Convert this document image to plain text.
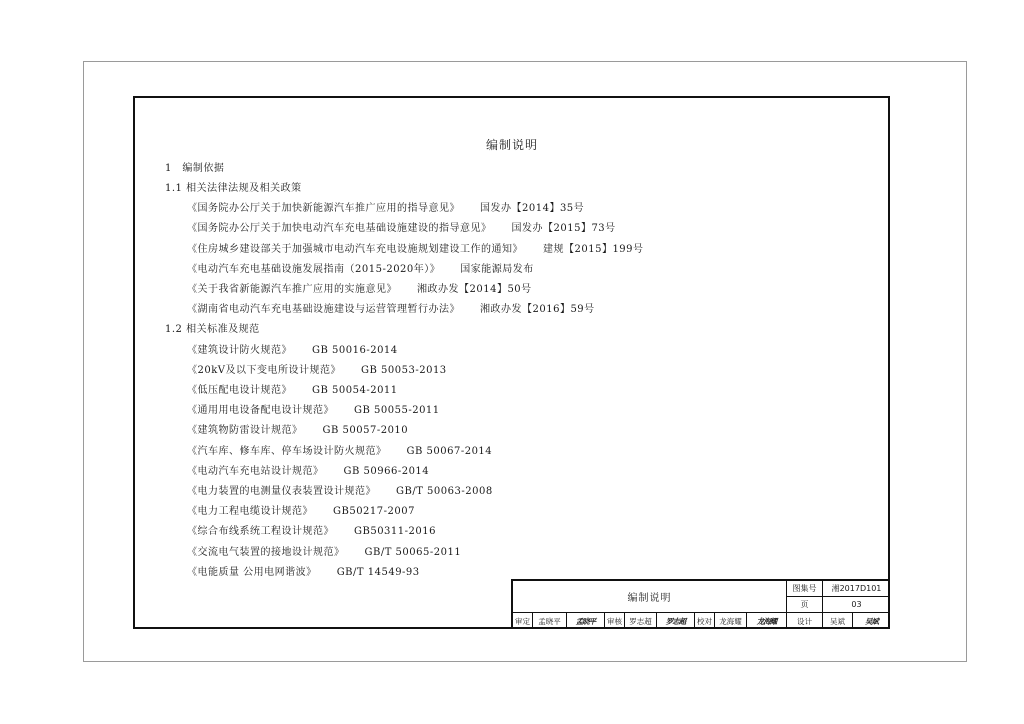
编制说明
1　编制依据
1.1 相关法律法规及相关政策
《国务院办公厅关于加快新能源汽车推广应用的指导意见》 国发办【2014】35号
《国务院办公厅关于加快电动汽车充电基础设施建设的指导意见》 国发办【2015】73号
《住房城乡建设部关于加强城市电动汽车充电设施规划建设工作的通知》 建规【2015】199号
《电动汽车充电基础设施发展指南（2015-2020年）》 国家能源局发布
《关于我省新能源汽车推广应用的实施意见》 湘政办发【2014】50号
《湖南省电动汽车充电基础设施建设与运营管理暂行办法》 湘政办发【2016】59号
1.2 相关标准及规范
《建筑设计防火规范》 GB 50016-2014
《20kV及以下变电所设计规范》 GB 50053-2013
《低压配电设计规范》 GB 50054-2011
《通用用电设备配电设计规范》 GB 50055-2011
《建筑物防雷设计规范》 GB 50057-2010
《汽车库、修车库、停车场设计防火规范》 GB 50067-2014
《电动汽车充电站设计规范》 GB 50966-2014
《电力装置的电测量仪表装置设计规范》 GB/T 50063-2008
《电力工程电缆设计规范》 GB50217-2007
《综合布线系统工程设计规范》 GB50311-2016
《交流电气装置的接地设计规范》 GB/T 50065-2011
《电能质量 公用电网谐波》 GB/T 14549-93
编制说明
图集号	湘2017D101
页	03
审定	孟晓平	孟晓平	审核 罗志超	罗志超	校对 龙海耀	龙海耀	设计	吴斌	吴斌
